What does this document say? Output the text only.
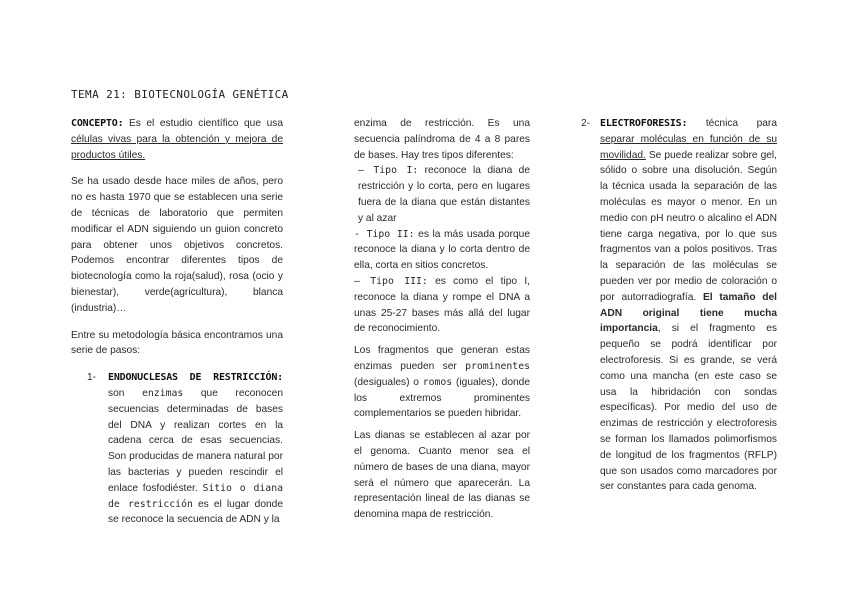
TEMA 21: BIOTECNOLOGÍA GENÉTICA

CONCEPTO: Es el estudio científico que usa células vivas para la obtención y mejora de productos útiles.

Se ha usado desde hace miles de años, pero no es hasta 1970 que se establecen una serie de técnicas de laboratorio que permiten modificar el ADN siguiendo un guion concreto para obtener unos objetivos concretos. Podemos encontrar diferentes tipos de biotecnología como la roja(salud), rosa (ocio y bienestar), verde(agricultura), blanca (industria)…

Entre su metodología básica encontramos una serie de pasos:

1- ENDONUCLESAS DE RESTRICCIÓN: son enzimas que reconocen secuencias determinadas de bases del DNA y realizan cortes en la cadena cerca de esas secuencias. Son producidas de manera natural por las bacterias y pueden rescindir el enlace fosfodiéster. Sitio o diana de restricción es el lugar donde se reconoce la secuencia de ADN y la

enzima de restricción. Es una secuencia palíndroma de 4 a 8 pares de bases. Hay tres tipos diferentes:

– Tipo I: reconoce la diana de restricción y lo corta, pero en lugares fuera de la diana que están distantes y al azar

- Tipo II: es la más usada porque reconoce la diana y lo corta dentro de ella, corta en sitios concretos.

– Tipo III: es como el tipo I, reconoce la diana y rompe el DNA a unas 25-27 bases más allá del lugar de reconocimiento.

Los fragmentos que generan estas enzimas pueden ser prominentes (desiguales) o romos (iguales), donde los extremos prominentes complementarios se pueden hibridar.

Las dianas se establecen al azar por el genoma. Cuanto menor sea el número de bases de una diana, mayor será el número que aparecerán. La representación lineal de las dianas se denomina mapa de restricción.

2- ELECTROFORESIS: técnica para separar moléculas en función de su movilidad. Se puede realizar sobre gel, sólido o sobre una disolución. Según la técnica usada la separación de las moléculas es mayor o menor. En un medio con pH neutro o alcalino el ADN tiene carga negativa, por lo que sus fragmentos van a polos positivos. Tras la separación de las moléculas se pueden ver por medio de coloración o por autorradiografía. El tamaño del ADN original tiene mucha importancia, si el fragmento es pequeño se podrá identificar por electroforesis. Si es grande, se verá como una mancha (en este caso se usa la hibridación con sondas específicas). Por medio del uso de enzimas de restricción y electroforesis se forman los llamados polimorfismos de longitud de los fragmentos (RFLP) que son usados como marcadores por ser constantes para cada genoma.
